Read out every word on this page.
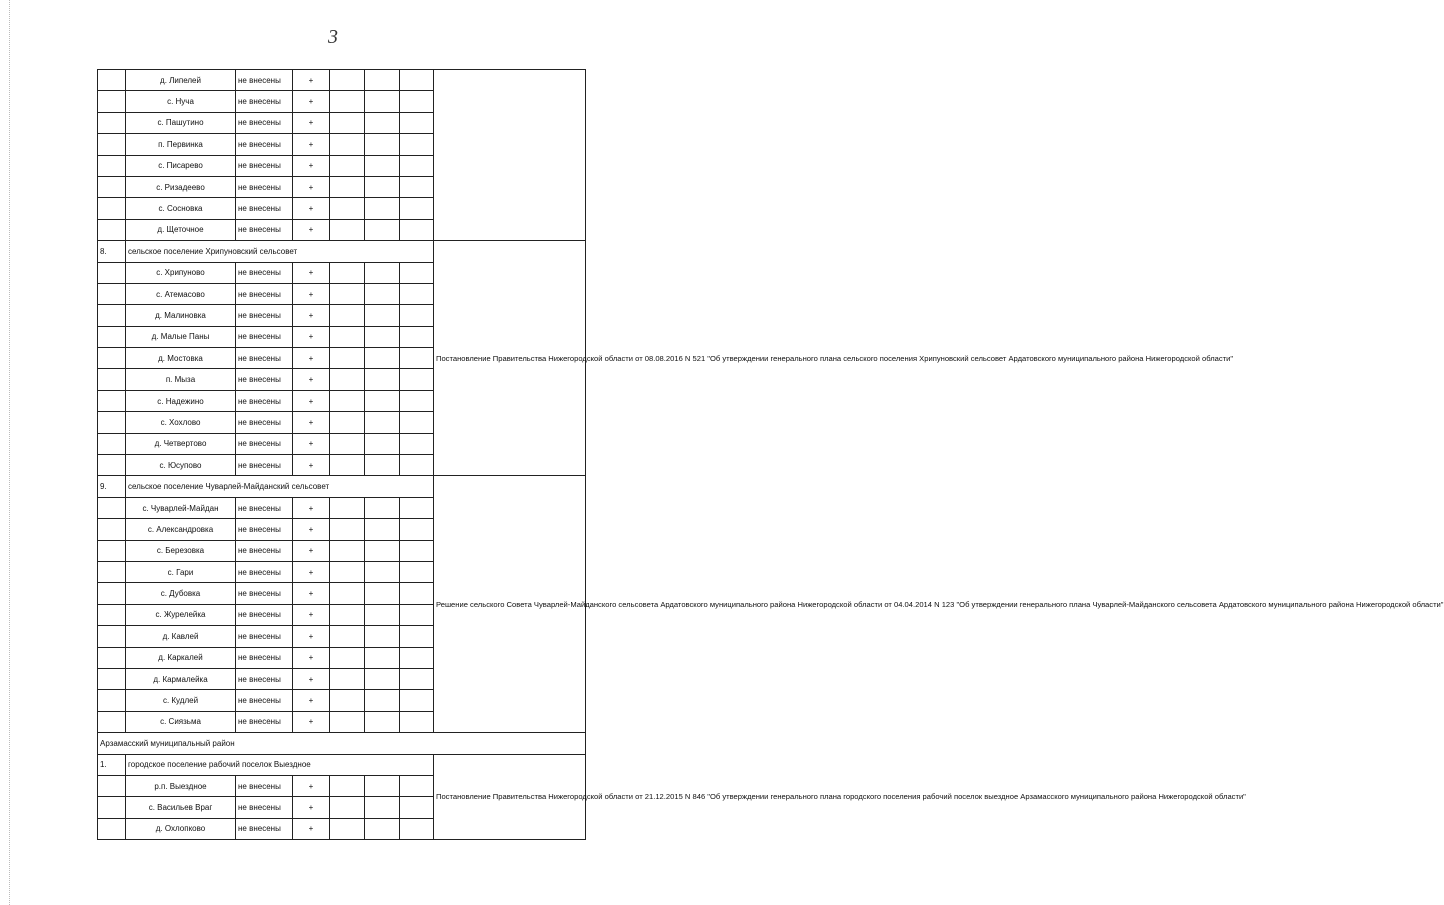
3
	д. Липелей	не внесены	+				
	с. Нуча	не внесены	+				
	с. Пашутино	не внесены	+				
	п. Первинка	не внесены	+				
	с. Писарево	не внесены	+				
	с. Ризадеево	не внесены	+				
	с. Сосновка	не внесены	+				
	д. Щеточное	не внесены	+				
8.	сельское поселение Хрипуновский сельсовет						Постановление Правительства Нижегородской области от 08.08.2016 N 521 "Об утверждении генерального плана сельского поселения Хрипуновский сельсовет Ардатовского муниципального района Нижегородской области"
	с. Хрипуново	не внесены	+				
	с. Атемасово	не внесены	+				
	д. Малиновка	не внесены	+				
	д. Малые Паны	не внесены	+				
	д. Мостовка	не внесены	+				
	п. Мыза	не внесены	+				
	с. Надежино	не внесены	+				
	с. Хохлово	не внесены	+				
	д. Четвертово	не внесены	+				
	с. Юсупово	не внесены	+				
9.	сельское поселение Чуварлей-Майданский сельсовет						Решение сельского Совета Чуварлей-Майданского сельсовета Ардатовского муниципального района Нижегородской области от 04.04.2014 N 123 "Об утверждении генерального плана Чуварлей-Майданского сельсовета Ардатовского муниципального района Нижегородской области"
	с. Чуварлей-Майдан	не внесены	+				
	с. Александровка	не внесены	+				
	с. Березовка	не внесены	+				
	с. Гари	не внесены	+				
	с. Дубовка	не внесены	+				
	с. Журелейка	не внесены	+				
	д. Кавлей	не внесены	+				
	д. Каркалей	не внесены	+				
	д. Кармалейка	не внесены	+				
	с. Кудлей	не внесены	+				
	с. Сиязьма	не внесены	+				
Арзамасский муниципальный район							
1.	городское поселение рабочий поселок Выездное						Постановление Правительства Нижегородской области от 21.12.2015 N 846 "Об утверждении генерального плана городского поселения рабочий поселок выездное Арзамасского муниципального района Нижегородской области"
	р.п. Выездное	не внесены	+				
	с. Васильев Враг	не внесены	+				
	д. Охлопково	не внесены	+				
